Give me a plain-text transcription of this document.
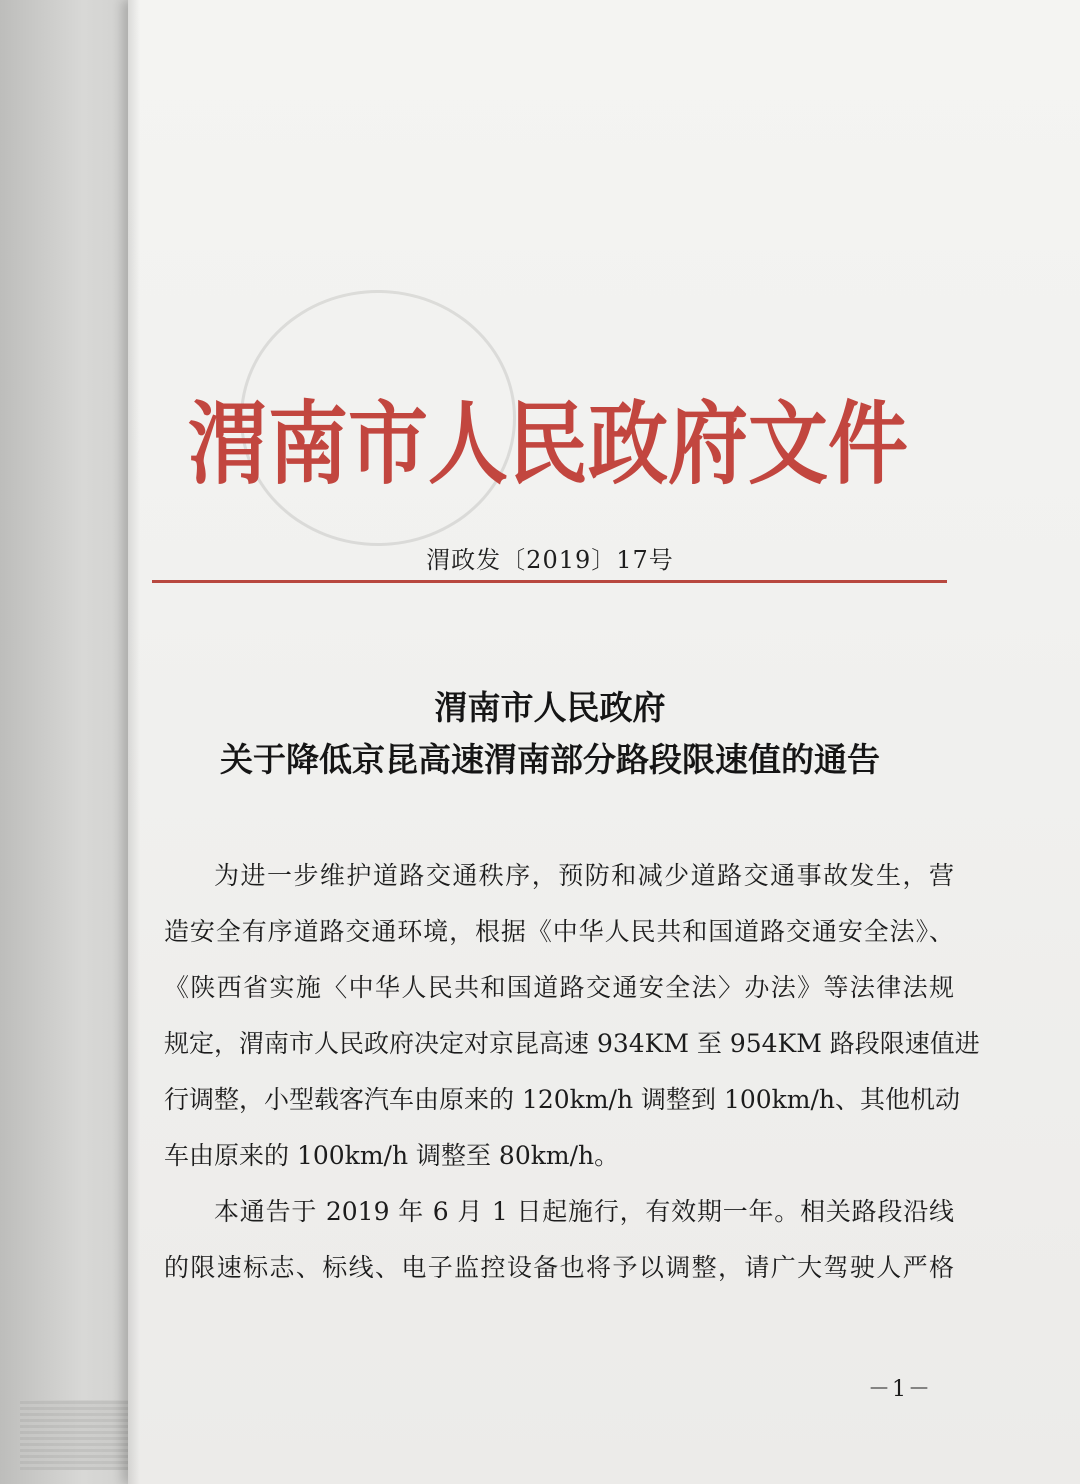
渭南市人民政府文件
渭政发〔2019〕17号
渭南市人民政府
关于降低京昆高速渭南部分路段限速值的通告
为进一步维护道路交通秩序，预防和减少道路交通事故发生，营
造安全有序道路交通环境，根据《中华人民共和国道路交通安全法》、
《陕西省实施〈中华人民共和国道路交通安全法〉办法》等法律法规
规定，渭南市人民政府决定对京昆高速 934KM 至 954KM 路段限速值进
行调整，小型载客汽车由原来的 120km/h 调整到 100km/h、其他机动
车由原来的 100km/h 调整至 80km/h。
本通告于 2019 年 6 月 1 日起施行，有效期一年。相关路段沿线
的限速标志、标线、电子监控设备也将予以调整，请广大驾驶人严格
－1－
